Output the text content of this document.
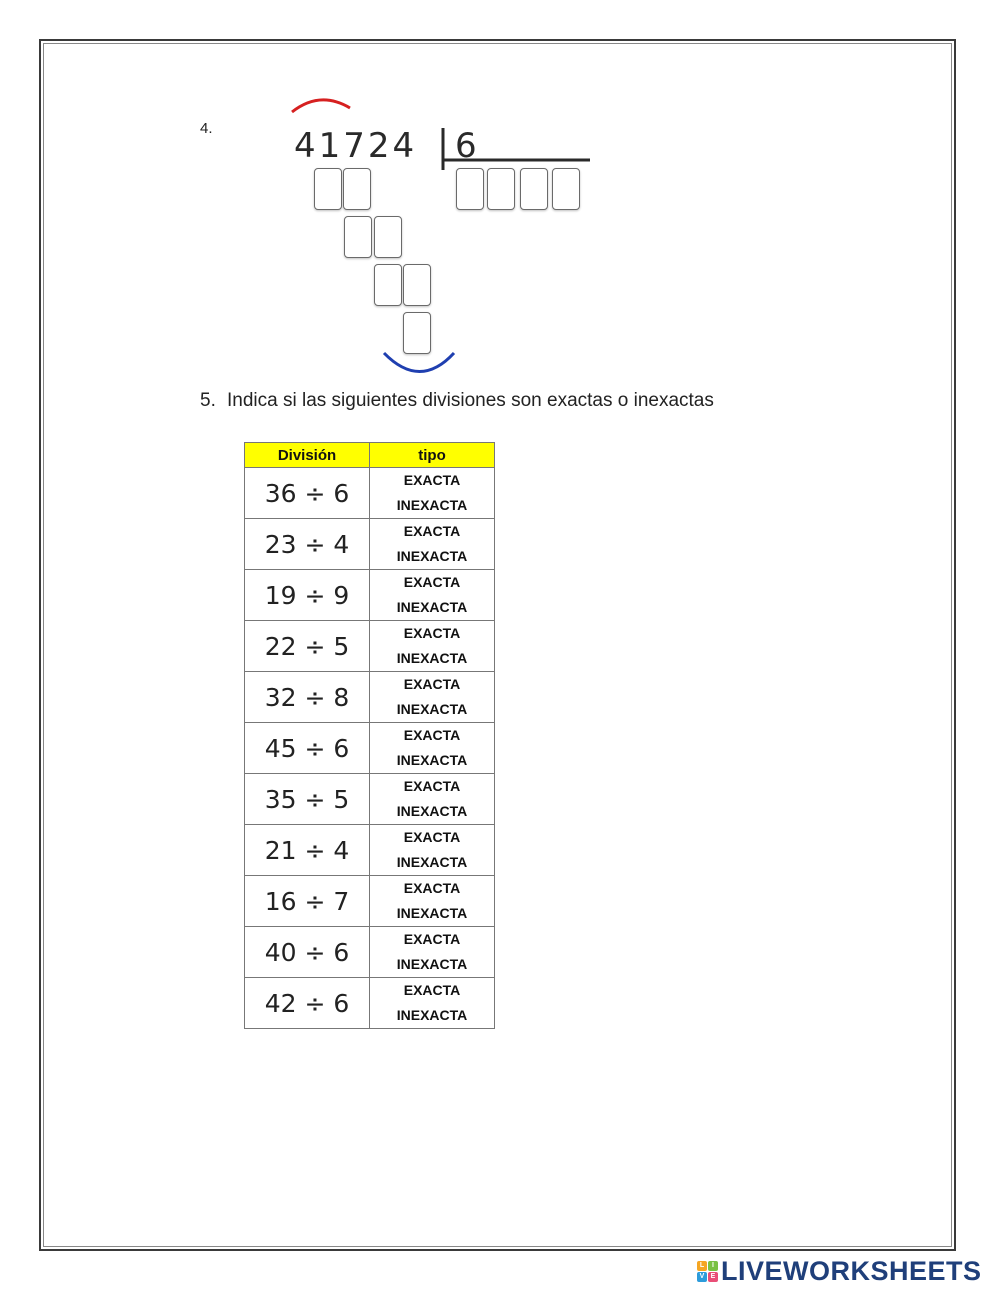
4. 41724 6
5. Indica si las siguientes divisiones son exactas o inexactas
División	tipo
36 ÷ 6	EXACTA
INEXACTA

23 ÷ 4	EXACTA
INEXACTA

19 ÷ 9	EXACTA
INEXACTA

22 ÷ 5	EXACTA
INEXACTA

32 ÷ 8	EXACTA
INEXACTA

45 ÷ 6	EXACTA
INEXACTA

35 ÷ 5	EXACTA
INEXACTA

21 ÷ 4	EXACTA
INEXACTA

16 ÷ 7	EXACTA
INEXACTA

40 ÷ 6	EXACTA
INEXACTA

42 ÷ 6	EXACTA
INEXACTA
L	I
V E LIVEWORKSHEETS
